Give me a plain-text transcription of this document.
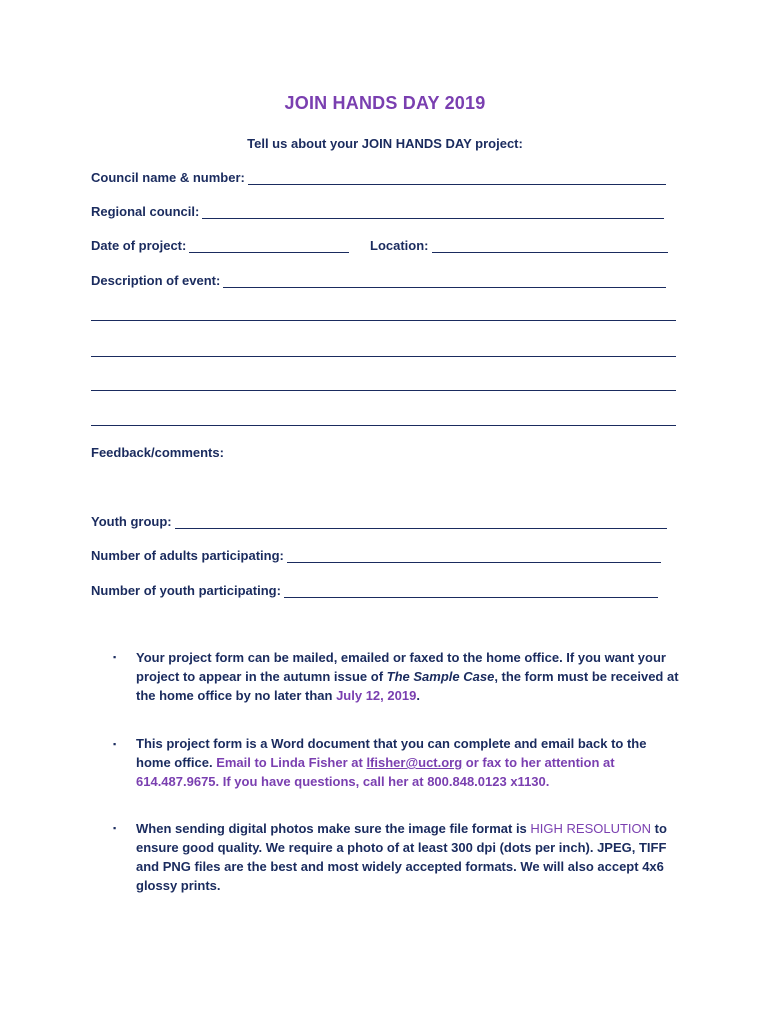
JOIN HANDS DAY 2019
Tell us about your JOIN HANDS DAY project:
Council name & number:
Regional council:
Date of project:	Location:
Description of event:
Feedback/comments:
Youth group:
Number of adults participating:
Number of youth participating:
▪ Your project form can be mailed, emailed or faxed to the home office. If you want your project to appear in the autumn issue of The Sample Case, the form must be received at the home office by no later than July 12, 2019.
▪ This project form is a Word document that you can complete and email back to the home office. Email to Linda Fisher at lfisher@uct.org or fax to her attention at 614.487.9675. If you have questions, call her at 800.848.0123 x1130.
▪ When sending digital photos make sure the image file format is HIGH RESOLUTION to ensure good quality. We require a photo of at least 300 dpi (dots per inch). JPEG, TIFF and PNG files are the best and most widely accepted formats. We will also accept 4x6 glossy prints.
